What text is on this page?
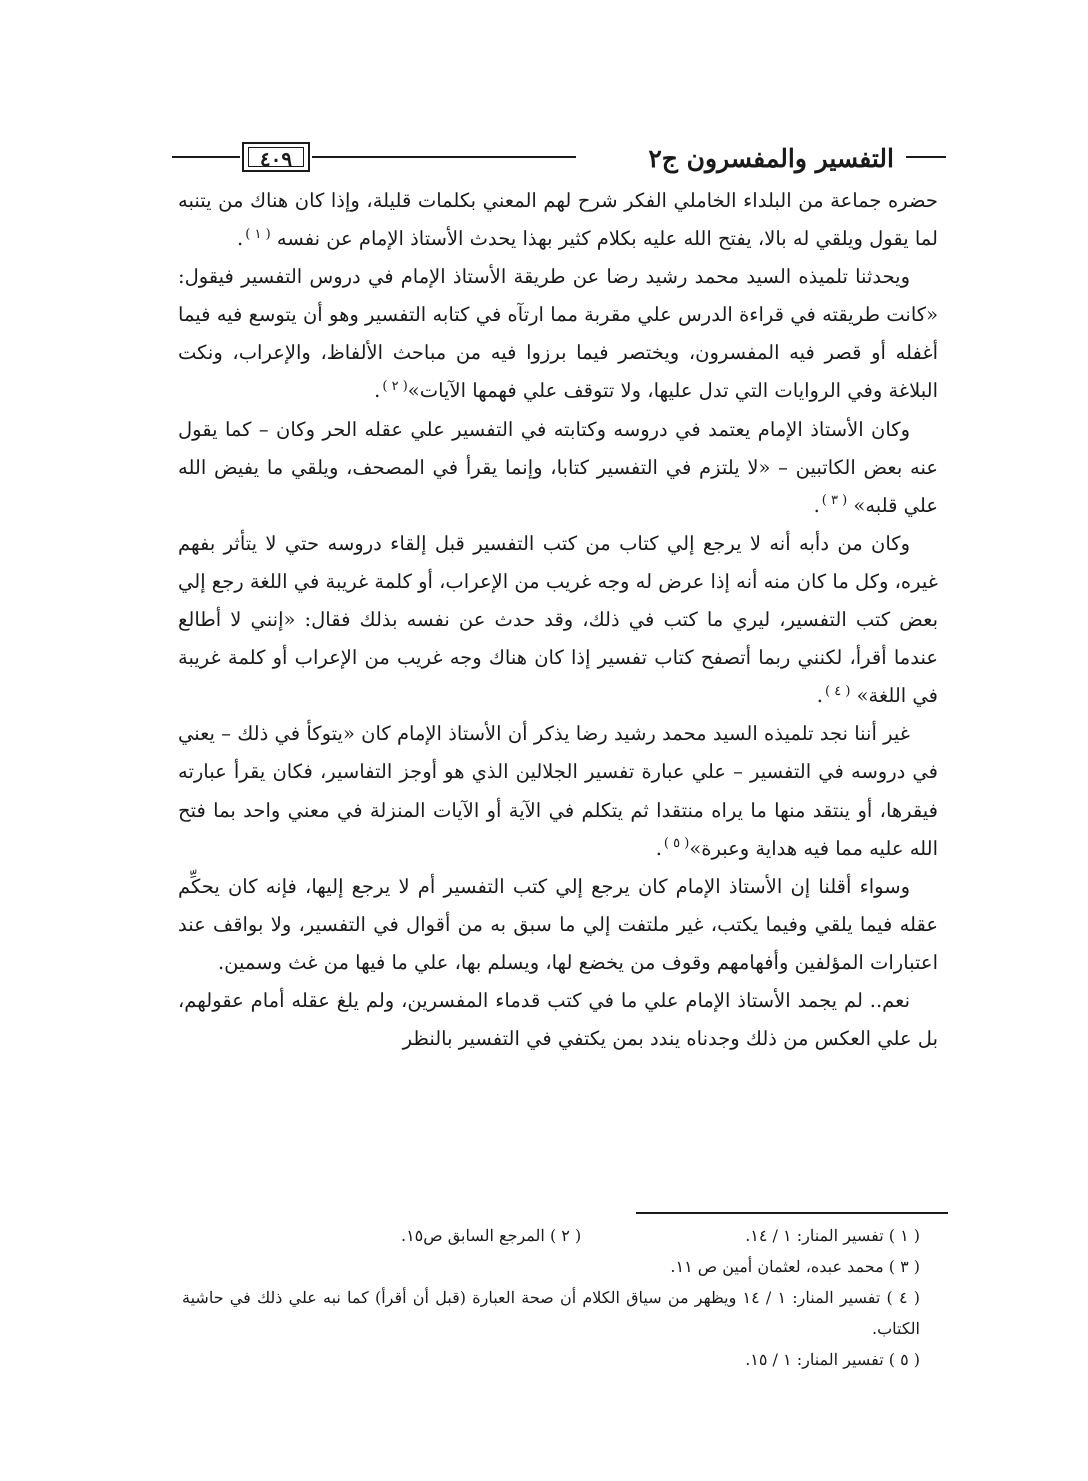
التفسير والمفسرون ج٢
٤٠٩

حضره جماعة من البلداء الخاملي الفكر شرح لهم المعني بكلمات قليلة، وإذا كان هناك من يتنبه لما يقول ويلقي له بالا، يفتح الله عليه بكلام كثير بهذا يحدث الأستاذ الإمام عن نفسه $^{( ١ )}$.

ويحدثنا تلميذه السيد محمد رشيد رضا عن طريقة الأستاذ الإمام في دروس التفسير فيقول: «كانت طريقته في قراءة الدرس علي مقربة مما ارتآه في كتابه التفسير وهو أن يتوسع فيه فيما أغفله أو قصر فيه المفسرون، ويختصر فيما برزوا فيه من مباحث الألفاظ، والإعراب، ونكت البلاغة وفي الروايات التي تدل عليها، ولا تتوقف علي فهمها الآيات»$^{( ٢ )}$.

وكان الأستاذ الإمام يعتمد في دروسه وكتابته في التفسير علي عقله الحر وكان – كما يقول عنه بعض الكاتبين – «لا يلتزم في التفسير كتابا، وإنما يقرأ في المصحف، ويلقي ما يفيض الله علي قلبه» $^{( ٣ )}$.

وكان من دأبه أنه لا يرجع إلي كتاب من كتب التفسير قبل إلقاء دروسه حتي لا يتأثر بفهم غيره، وكل ما كان منه أنه إذا عرض له وجه غريب من الإعراب، أو كلمة غريبة في اللغة رجع إلي بعض كتب التفسير، ليري ما كتب في ذلك، وقد حدث عن نفسه بذلك فقال: «إنني لا أطالع عندما أقرأ، لكنني ربما أتصفح كتاب تفسير إذا كان هناك وجه غريب من الإعراب أو كلمة غريبة في اللغة» $^{( ٤ )}$.

غير أننا نجد تلميذه السيد محمد رشيد رضا يذكر أن الأستاذ الإمام كان «يتوكأ في ذلك – يعني في دروسه في التفسير – علي عبارة تفسير الجلالين الذي هو أوجز التفاسير، فكان يقرأ عبارته فيقرها، أو ينتقد منها ما يراه منتقدا ثم يتكلم في الآية أو الآيات المنزلة في معني واحد بما فتح الله عليه مما فيه هداية وعبرة»$^{( ٥ )}$.

وسواء أقلنا إن الأستاذ الإمام كان يرجع إلي كتب التفسير أم لا يرجع إليها، فإنه كان يحكِّم عقله فيما يلقي وفيما يكتب، غير ملتفت إلي ما سبق به من أقوال في التفسير، ولا بواقف عند اعتبارات المؤلفين وأفهامهم وقوف من يخضع لها، ويسلم بها، علي ما فيها من غث وسمين.

نعم.. لم يجمد الأستاذ الإمام علي ما في كتب قدماء المفسرين، ولم يلغ عقله أمام عقولهم، بل علي العكس من ذلك وجدناه يندد بمن يكتفي في التفسير بالنظر

( ١ ) تفسير المنار: ١ / ١٤.
( ٢ ) المرجع السابق ص١٥.

( ٣ ) محمد عبده، لعثمان أمين ص ١١.

( ٤ ) تفسير المنار: ١ / ١٤ ويظهر من سياق الكلام أن صحة العبارة (قبل أن أقرأ) كما نبه علي ذلك في حاشية الكتاب.

( ٥ ) تفسير المنار: ١ / ١٥.
